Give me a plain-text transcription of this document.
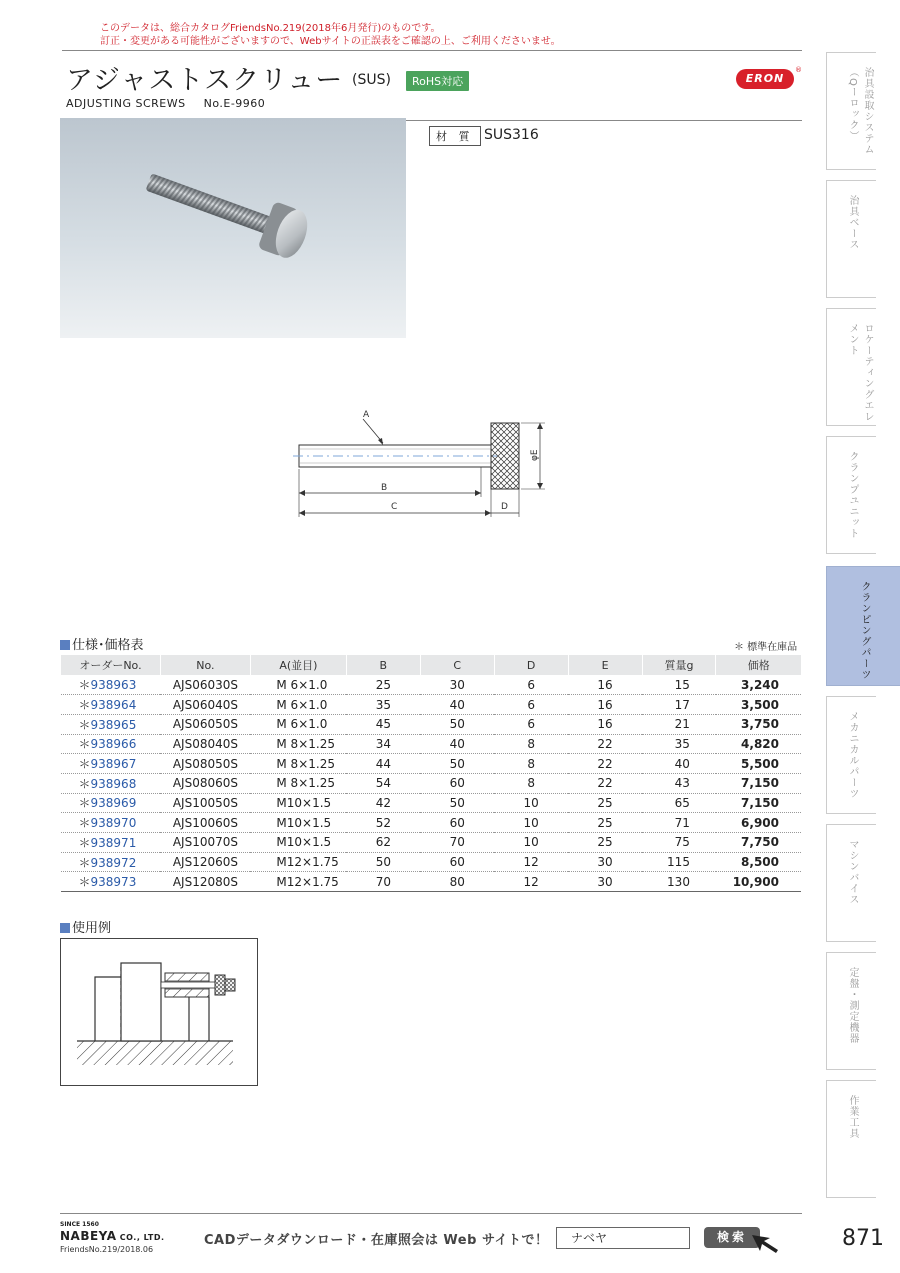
このデータは、総合カタログFriendsNo.219(2018年6月発行)のものです。
訂正・変更がある可能性がございますので、Webサイトの正誤表をご確認の上、ご利用くださいませ。
アジャストスクリュー (SUS)	RoHS対応
ADJUSTING SCREWS No.E-9960
ERON
®
材 質 SUS316
A
φE
B
C	D
仕様･価格表	＊ 標準在庫品
オーダーNo.	No.	A(並目)	B	C	D	E	質量g	価格
＊938963	AJS06030S	M 6×1.0	25	30	6	16	15	3,240
＊938964	AJS06040S	M 6×1.0	35	40	6	16	17	3,500
＊938965	AJS06050S	M 6×1.0	45	50	6	16	21	3,750
＊938966	AJS08040S	M 8×1.25	34	40	8	22	35	4,820
＊938967	AJS08050S	M 8×1.25	44	50	8	22	40	5,500
＊938968	AJS08060S	M 8×1.25	54	60	8	22	43	7,150
＊938969	AJS10050S	M10×1.5	42	50	10	25	65	7,150
＊938970	AJS10060S	M10×1.5	52	60	10	25	71	6,900
＊938971	AJS10070S	M10×1.5	62	70	10	25	75	7,750
＊938972	AJS12060S	M12×1.75	50	60	12	30	115	8,500
＊938973	AJS12080S	M12×1.75	70	80	12	30	130	10,900
使用例
治具設取システム（Qーロック）
治具ベース
ロケーティングエレメント
クランプユニット
クランピングパーツ
メカニカルパーツ
マシンバイス
定盤・測定機器
作業工具
SINCE 1560
NABEYA CO., LTD.
FriendsNo.219/2018.06
CADデータダウンロード・在庫照会は Web サイトで！	ナベヤ	検索	871
